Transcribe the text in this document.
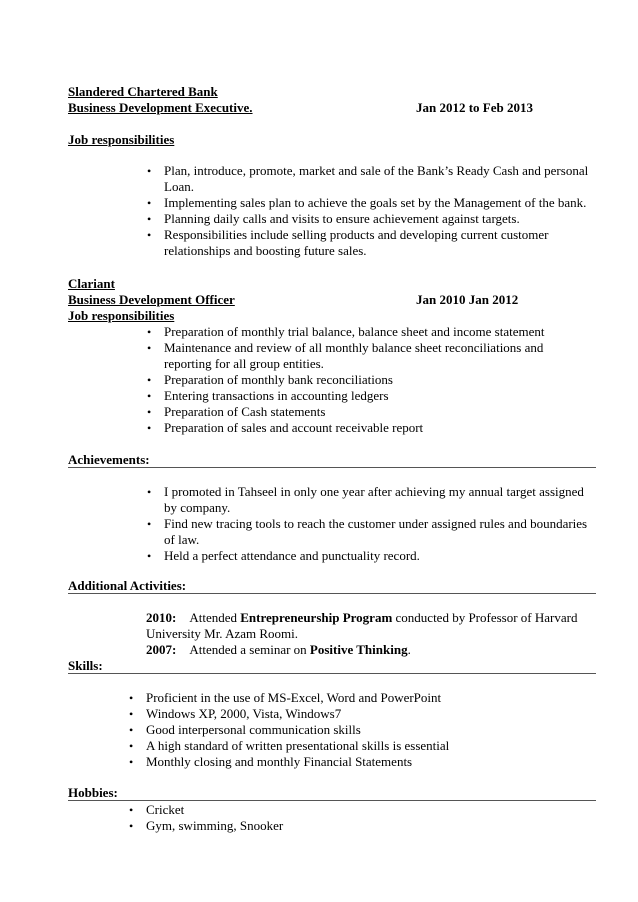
Slandered Chartered Bank
Business Development Executive.	Jan 2012 to Feb 2013
Job responsibilities
• Plan, introduce, promote, market and sale of the Bank’s Ready Cash and personal Loan.
• Implementing sales plan to achieve the goals set by the Management of the bank.
• Planning daily calls and visits to ensure achievement against targets.
• Responsibilities include selling products and developing current customer relationships and boosting future sales.
Clariant
Business Development Officer	Jan 2010 Jan 2012
Job responsibilities
• Preparation of monthly trial balance, balance sheet and income statement
• Maintenance and review of all monthly balance sheet reconciliations and reporting for all group entities.
• Preparation of monthly bank reconciliations
• Entering transactions in accounting ledgers
• Preparation of Cash statements
• Preparation of sales and account receivable report
Achievements:
• I promoted in Tahseel in only one year after achieving my annual target assigned by company.
• Find new tracing tools to reach the customer under assigned rules and boundaries of law.
• Held a perfect attendance and punctuality record.
Additional Activities:
2010: Attended Entrepreneurship Program conducted by Professor of Harvard University Mr. Azam Roomi.
2007: Attended a seminar on Positive Thinking.
Skills:
• Proficient in the use of MS-Excel, Word and PowerPoint
• Windows XP, 2000, Vista, Windows7
• Good interpersonal communication skills
• A high standard of written presentational skills is essential
• Monthly closing and monthly Financial Statements
Hobbies:
• Cricket
• Gym, swimming, Snooker
